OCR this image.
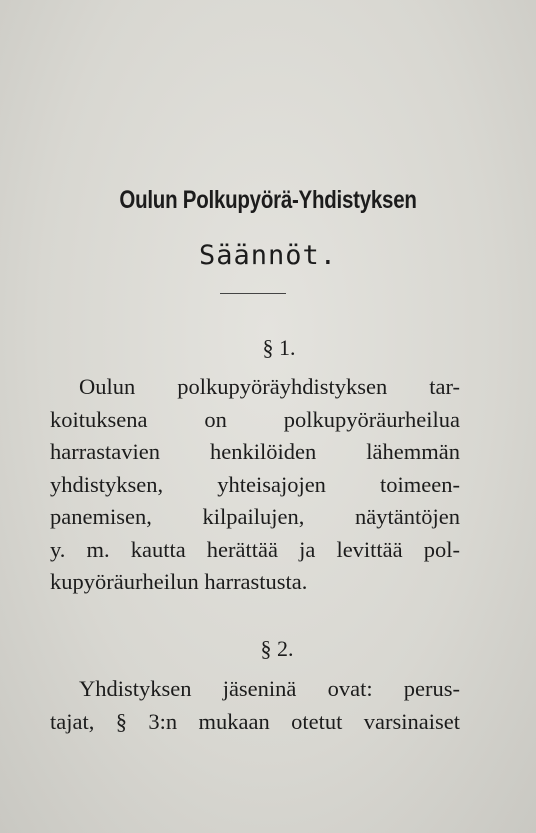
Oulun Polkupyörä-Yhdistyksen
Säännöt.
§ 1.
Oulun polkupyöräyhdistyksen tar-
koituksena on polkupyöräurheilua
harrastavien henkilöiden lähemmän
yhdistyksen, yhteisajojen toimeen-
panemisen, kilpailujen, näytäntöjen
y. m. kautta herättää ja levittää pol-
kupyöräurheilun harrastusta.
§ 2.
Yhdistyksen jäseninä ovat: perus-
tajat, § 3:n mukaan otetut varsinaiset
